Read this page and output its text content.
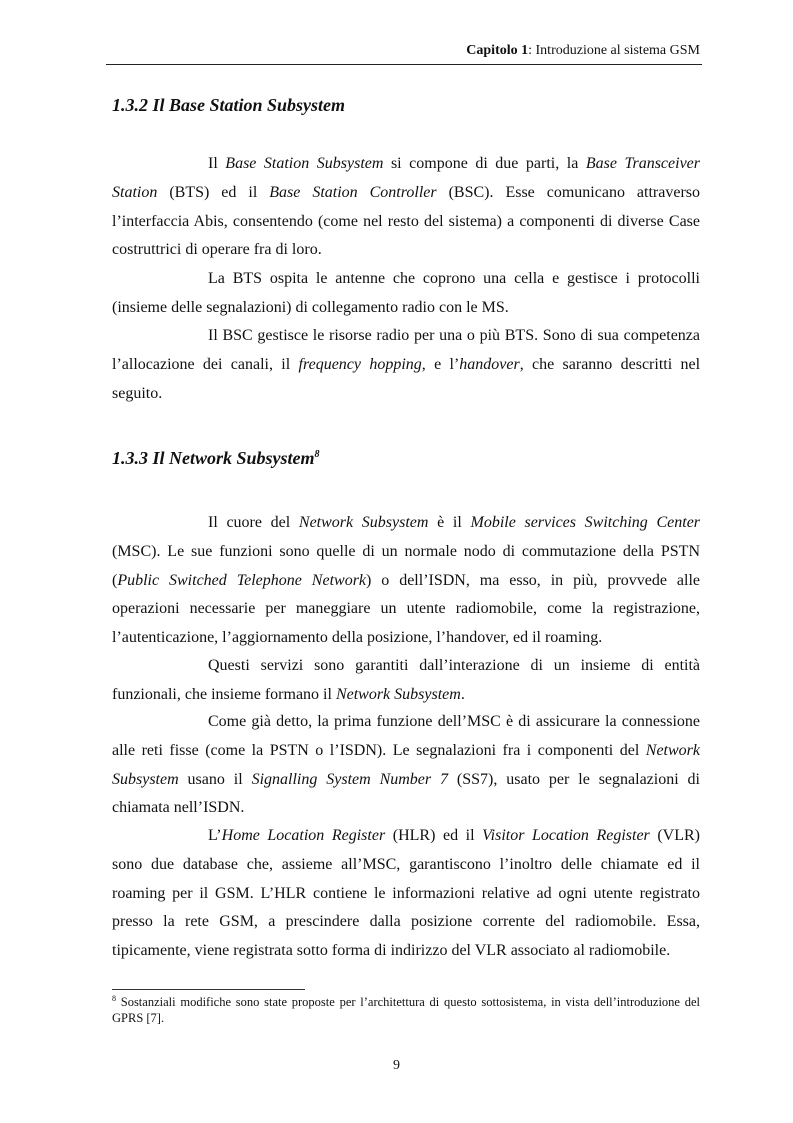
Capitolo 1: Introduzione al sistema GSM
1.3.2 Il Base Station Subsystem

Il Base Station Subsystem si compone di due parti, la Base Transceiver Station (BTS) ed il Base Station Controller (BSC). Esse comunicano attraverso l’interfaccia Abis, consentendo (come nel resto del sistema) a componenti di diverse Case costruttrici di operare fra di loro.

La BTS ospita le antenne che coprono una cella e gestisce i protocolli (insieme delle segnalazioni) di collegamento radio con le MS.

Il BSC gestisce le risorse radio per una o più BTS. Sono di sua competenza l’allocazione dei canali, il frequency hopping, e l’handover, che saranno descritti nel seguito.

1.3.3 Il Network Subsystem$^8$

Il cuore del Network Subsystem è il Mobile services Switching Center (MSC). Le sue funzioni sono quelle di un normale nodo di commutazione della PSTN (Public Switched Telephone Network) o dell’ISDN, ma esso, in più, provvede alle operazioni necessarie per maneggiare un utente radiomobile, come la registrazione, l’autenticazione, l’aggiornamento della posizione, l’handover, ed il roaming.

Questi servizi sono garantiti dall’interazione di un insieme di entità funzionali, che insieme formano il Network Subsystem.

Come già detto, la prima funzione dell’MSC è di assicurare la connessione alle reti fisse (come la PSTN o l’ISDN). Le segnalazioni fra i componenti del Network Subsystem usano il Signalling System Number 7 (SS7), usato per le segnalazioni di chiamata nell’ISDN.

L’Home Location Register (HLR) ed il Visitor Location Register (VLR) sono due database che, assieme all’MSC, garantiscono l’inoltro delle chiamate ed il roaming per il GSM. L’HLR contiene le informazioni relative ad ogni utente registrato presso la rete GSM, a prescindere dalla posizione corrente del radiomobile. Essa, tipicamente, viene registrata sotto forma di indirizzo del VLR associato al radiomobile.

$^8$ Sostanziali modifiche sono state proposte per l’architettura di questo sottosistema, in vista dell’introduzione del GPRS [7].

9
